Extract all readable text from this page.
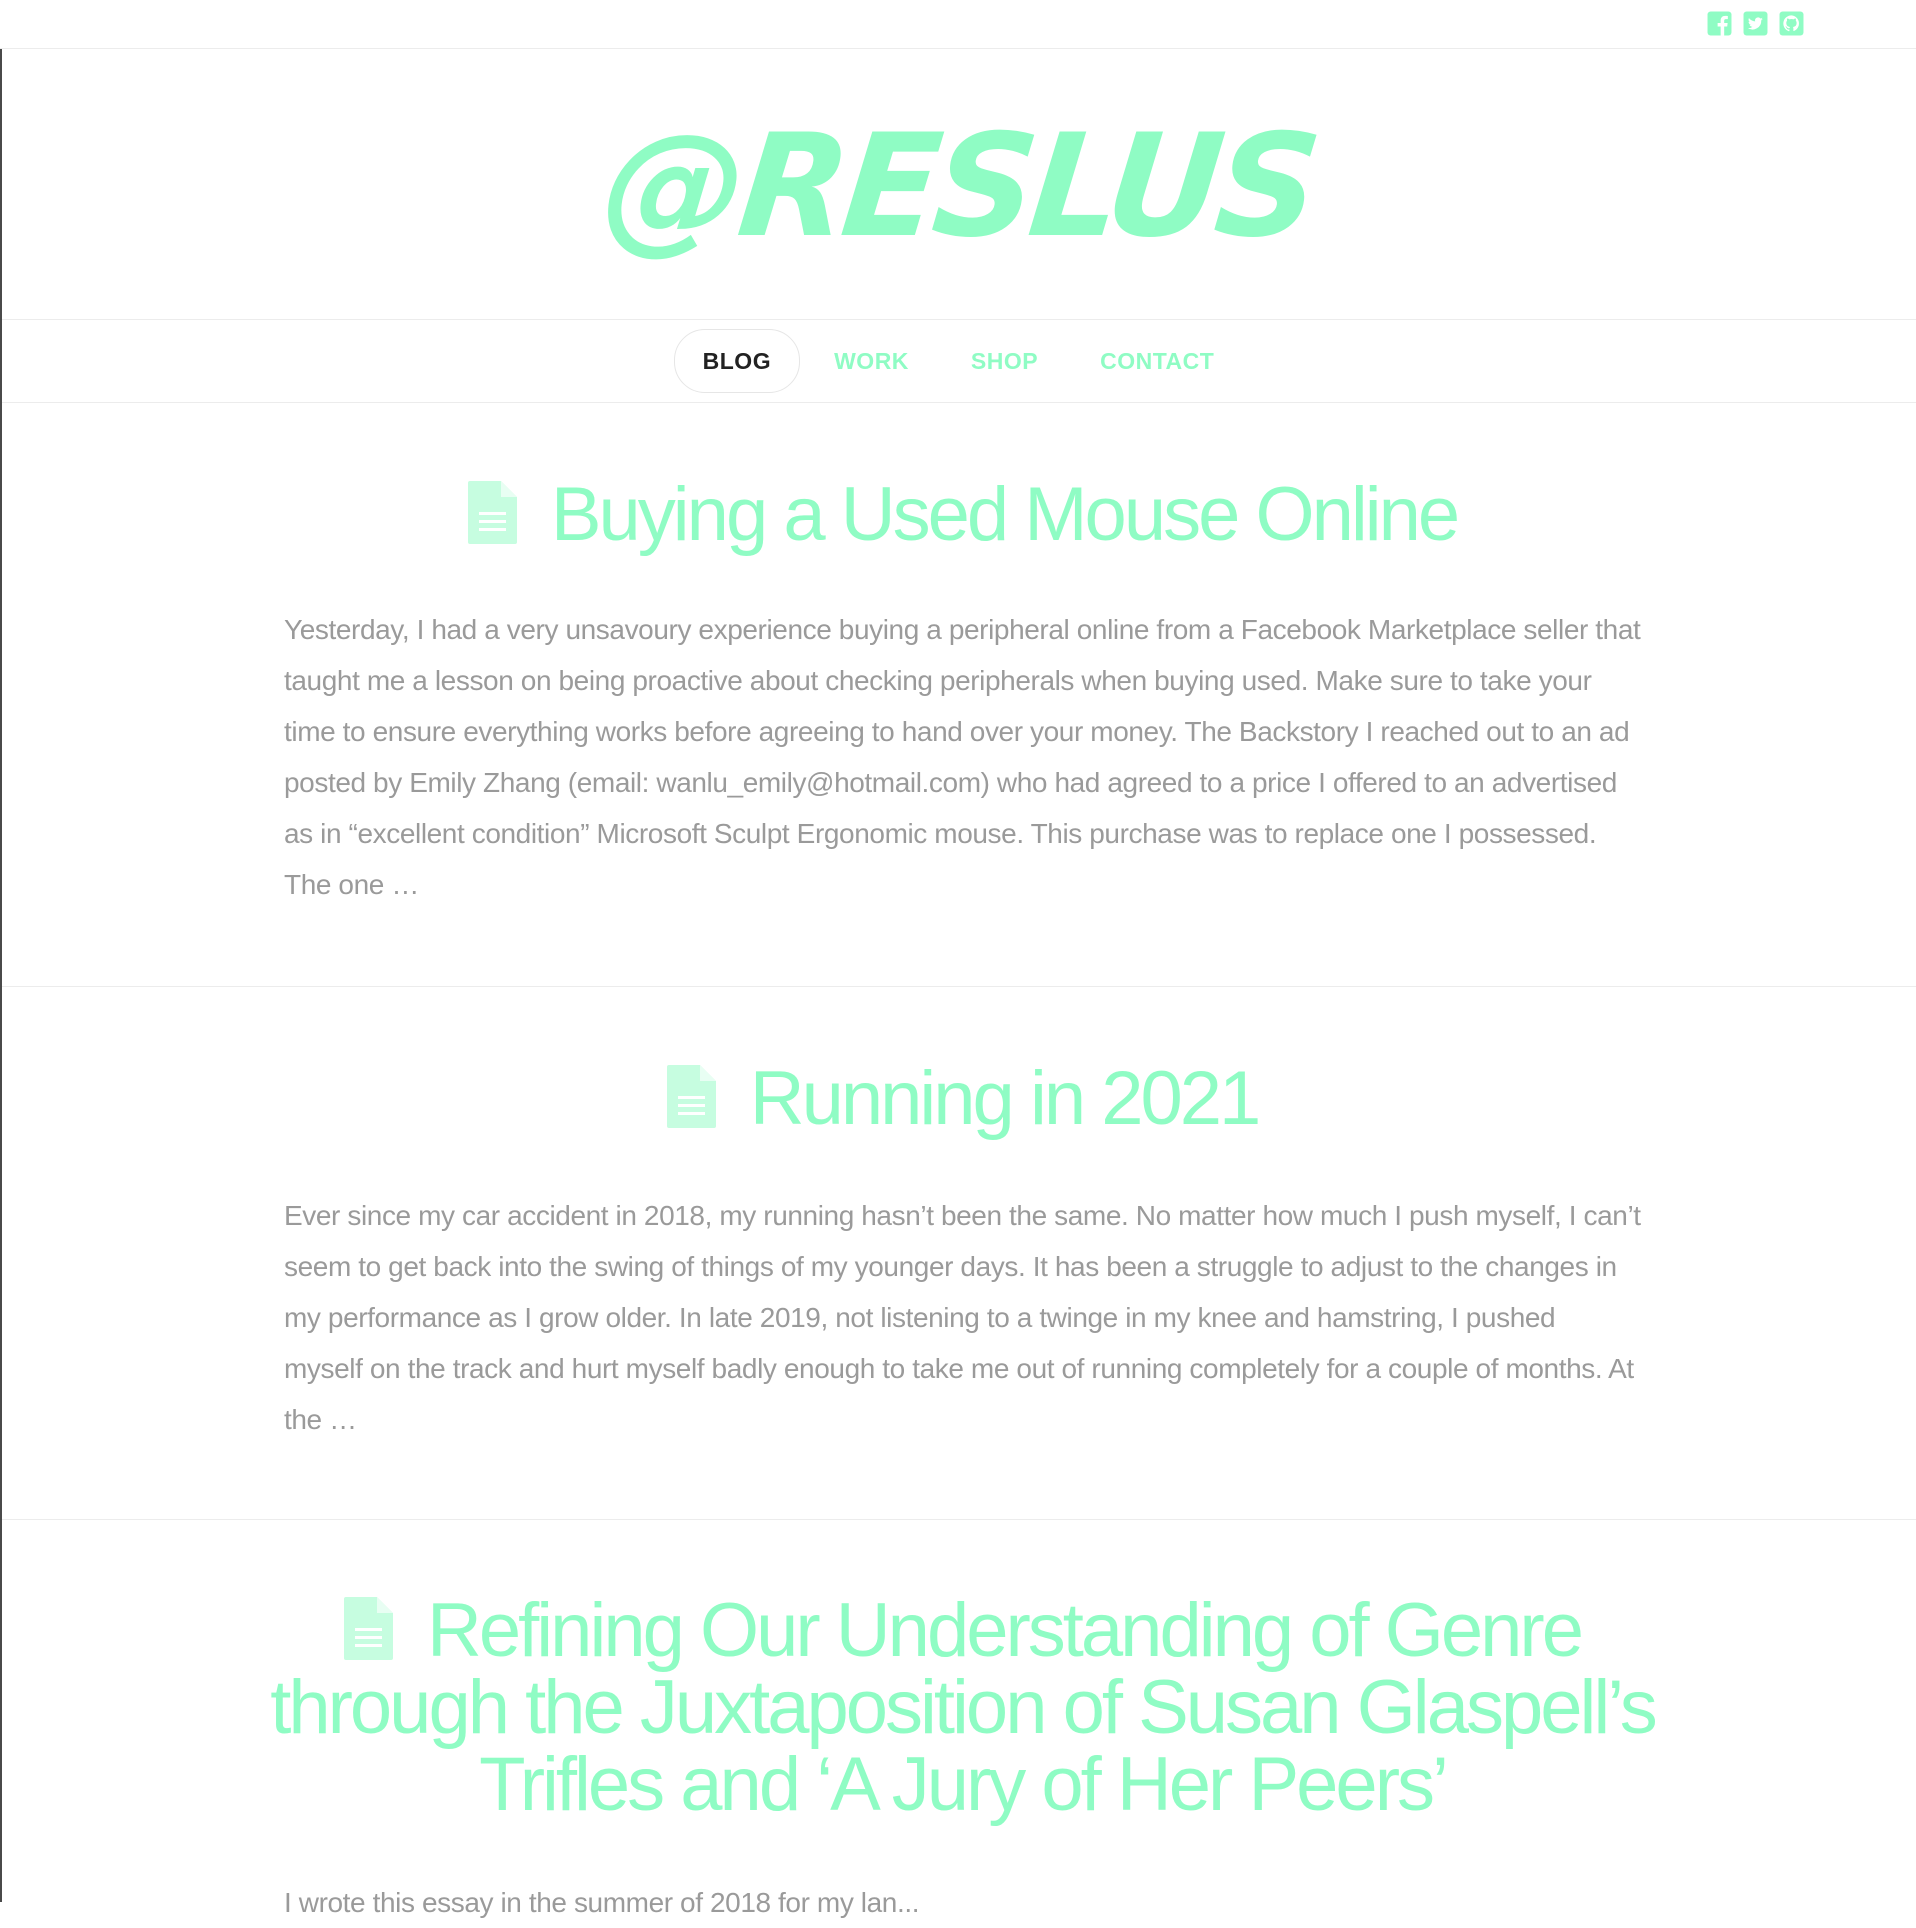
@RESLUS
BLOG	WORK	SHOP	CONTACT
Buying a Used Mouse Online

Yesterday, I had a very unsavoury experience buying a peripheral online from a Facebook Marketplace seller that taught me a lesson on being proactive about checking peripherals when buying used. Make sure to take your time to ensure everything works before agreeing to hand over your money. The Backstory I reached out to an ad posted by Emily Zhang (email: wanlu_emily@hotmail.com) who had agreed to a price I offered to an advertised as in “excellent condition” Microsoft Sculpt Ergonomic mouse. This purchase was to replace one I possessed. The one …

Running in 2021

Ever since my car accident in 2018, my running hasn’t been the same. No matter how much I push myself, I can’t seem to get back into the swing of things of my younger days. It has been a struggle to adjust to the changes in my performance as I grow older. In late 2019, not listening to a twinge in my knee and hamstring, I pushed myself on the track and hurt myself badly enough to take me out of running completely for a couple of months. At the …

Refining Our Understanding of Genre through the Juxtaposition of Susan Glaspell’s Trifles and ‘A Jury of Her Peers’

I wrote this essay in the summer of 2018 for my lan...
